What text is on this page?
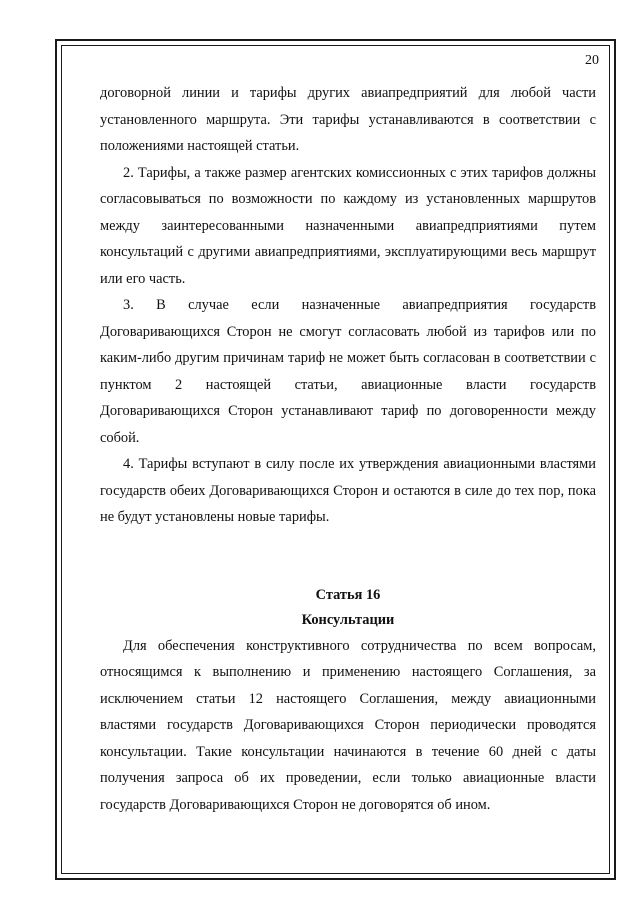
20

договорной линии и тарифы других авиапредприятий для любой части установленного маршрута. Эти тарифы устанавливаются в соответствии с положениями настоящей статьи.

2. Тарифы, а также размер агентских комиссионных с этих тарифов должны согласовываться по возможности по каждому из установленных маршрутов между заинтересованными назначенными авиапредприятиями путем консультаций с другими авиапредприятиями, эксплуатирующими весь маршрут или его часть.

3. В случае если назначенные авиапредприятия государств Договаривающихся Сторон не смогут согласовать любой из тарифов или по каким-либо другим причинам тариф не может быть согласован в соответствии с пунктом 2 настоящей статьи, авиационные власти государств Договаривающихся Сторон устанавливают тариф по договоренности между собой.

4. Тарифы вступают в силу после их утверждения авиационными властями государств обеих Договаривающихся Сторон и остаются в силе до тех пор, пока не будут установлены новые тарифы.

Статья 16
Консультации

Для обеспечения конструктивного сотрудничества по всем вопросам, относящимся к выполнению и применению настоящего Соглашения, за исключением статьи 12 настоящего Соглашения, между авиационными властями государств Договаривающихся Сторон периодически проводятся консультации. Такие консультации начинаются в течение 60 дней с даты получения запроса об их проведении, если только авиационные власти государств Договаривающихся Сторон не договорятся об ином.
